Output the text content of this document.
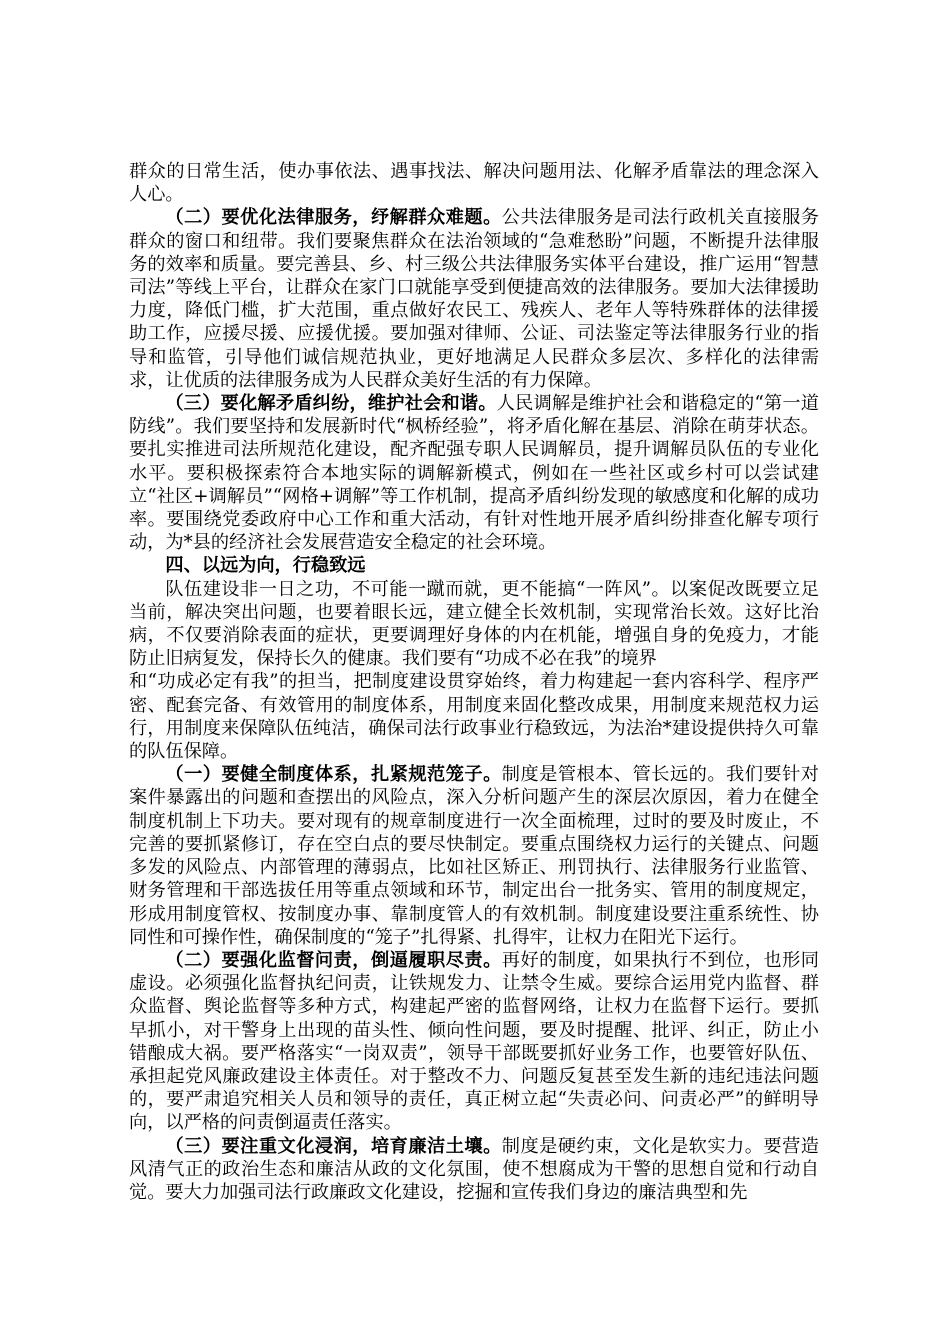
群众的日常生活，使办事依法、遇事找法、解决问题用法、化解矛盾靠法的理念深入人心。

（二）要优化法律服务，纾解群众难题。公共法律服务是司法行政机关直接服务群众的窗口和纽带。我们要聚焦群众在法治领域的“急难愁盼”问题，不断提升法律服务的效率和质量。要完善县、乡、村三级公共法律服务实体平台建设，推广运用“智慧司法”等线上平台，让群众在家门口就能享受到便捷高效的法律服务。要加大法律援助力度，降低门槛，扩大范围，重点做好农民工、残疾人、老年人等特殊群体的法律援助工作，应援尽援、应援优援。要加强对律师、公证、司法鉴定等法律服务行业的指导和监管，引导他们诚信规范执业，更好地满足人民群众多层次、多样化的法律需求，让优质的法律服务成为人民群众美好生活的有力保障。

（三）要化解矛盾纠纷，维护社会和谐。人民调解是维护社会和谐稳定的“第一道防线”。我们要坚持和发展新时代“枫桥经验”，将矛盾化解在基层、消除在萌芽状态。要扎实推进司法所规范化建设，配齐配强专职人民调解员，提升调解员队伍的专业化水平。要积极探索符合本地实际的调解新模式，例如在一些社区或乡村可以尝试建立“社区+调解员”“网格+调解”等工作机制，提高矛盾纠纷发现的敏感度和化解的成功率。要围绕党委政府中心工作和重大活动，有针对性地开展矛盾纠纷排查化解专项行动，为*县的经济社会发展营造安全稳定的社会环境。

四、以远为向，行稳致远

队伍建设非一日之功，不可能一蹴而就，更不能搞“一阵风”。以案促改既要立足当前，解决突出问题，也要着眼长远，建立健全长效机制，实现常治长效。这好比治病，不仅要消除表面的症状，更要调理好身体的内在机能，增强自身的免疫力，才能防止旧病复发，保持长久的健康。我们要有“功成不必在我”的境界

和“功成必定有我”的担当，把制度建设贯穿始终，着力构建起一套内容科学、程序严密、配套完备、有效管用的制度体系，用制度来固化整改成果，用制度来规范权力运行，用制度来保障队伍纯洁，确保司法行政事业行稳致远，为法治*建设提供持久可靠的队伍保障。

（一）要健全制度体系，扎紧规范笼子。制度是管根本、管长远的。我们要针对案件暴露出的问题和查摆出的风险点，深入分析问题产生的深层次原因，着力在健全制度机制上下功夫。要对现有的规章制度进行一次全面梳理，过时的要及时废止，不完善的要抓紧修订，存在空白点的要尽快制定。要重点围绕权力运行的关键点、问题多发的风险点、内部管理的薄弱点，比如社区矫正、刑罚执行、法律服务行业监管、财务管理和干部选拔任用等重点领域和环节，制定出台一批务实、管用的制度规定，形成用制度管权、按制度办事、靠制度管人的有效机制。制度建设要注重系统性、协同性和可操作性，确保制度的“笼子”扎得紧、扎得牢，让权力在阳光下运行。

（二）要强化监督问责，倒逼履职尽责。再好的制度，如果执行不到位，也形同虚设。必须强化监督执纪问责，让铁规发力、让禁令生威。要综合运用党内监督、群众监督、舆论监督等多种方式，构建起严密的监督网络，让权力在监督下运行。要抓早抓小，对干警身上出现的苗头性、倾向性问题，要及时提醒、批评、纠正，防止小错酿成大祸。要严格落实“一岗双责”，领导干部既要抓好业务工作，也要管好队伍、承担起党风廉政建设主体责任。对于整改不力、问题反复甚至发生新的违纪违法问题的，要严肃追究相关人员和领导的责任，真正树立起“失责必问、问责必严”的鲜明导向，以严格的问责倒逼责任落实。

（三）要注重文化浸润，培育廉洁土壤。制度是硬约束，文化是软实力。要营造风清气正的政治生态和廉洁从政的文化氛围，使不想腐成为干警的思想自觉和行动自觉。要大力加强司法行政廉政文化建设，挖掘和宣传我们身边的廉洁典型和先
